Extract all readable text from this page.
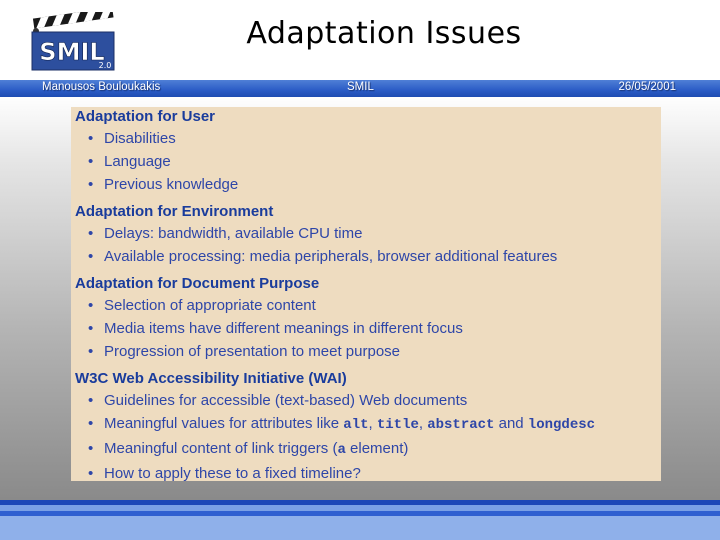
SMIL
2.0
Adaptation Issues
Manousos Bouloukakis	SMIL	26/05/2001
Adaptation for User
• Disabilities
• Language
• Previous knowledge
Adaptation for Environment
• Delays: bandwidth, available CPU time
• Available processing: media peripherals, browser additional features
Adaptation for Document Purpose
• Selection of appropriate content
• Media items have different meanings in different focus
• Progression of presentation to meet purpose
W3C Web Accessibility Initiative (WAI)
• Guidelines for accessible (text-based) Web documents
• Meaningful values for attributes like alt, title, abstract and longdesc
• Meaningful content of link triggers (a element)
• How to apply these to a fixed timeline?
